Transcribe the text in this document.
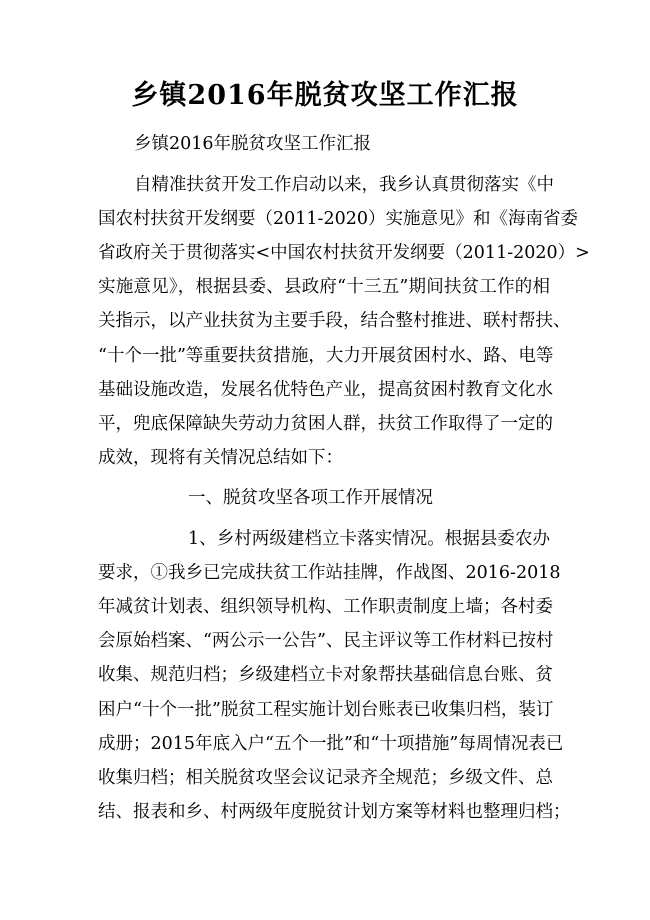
乡镇2016年脱贫攻坚工作汇报
乡镇2016年脱贫攻坚工作汇报
自精准扶贫开发工作启动以来，我乡认真贯彻落实《中
国农村扶贫开发纲要（2011-2020）实施意见》和《海南省委
省政府关于贯彻落实<中国农村扶贫开发纲要（2011-2020）>
实施意见》，根据县委、县政府“十三五”期间扶贫工作的相
关指示，以产业扶贫为主要手段，结合整村推进、联村帮扶、
“十个一批”等重要扶贫措施，大力开展贫困村水、路、电等
基础设施改造，发展名优特色产业，提高贫困村教育文化水
平，兜底保障缺失劳动力贫困人群，扶贫工作取得了一定的
成效，现将有关情况总结如下：
一、脱贫攻坚各项工作开展情况
1、乡村两级建档立卡落实情况。根据县委农办
要求，①我乡已完成扶贫工作站挂牌，作战图、2016-2018
年减贫计划表、组织领导机构、工作职责制度上墙；各村委
会原始档案、“两公示一公告”、民主评议等工作材料已按村
收集、规范归档；乡级建档立卡对象帮扶基础信息台账、贫
困户“十个一批”脱贫工程实施计划台账表已收集归档，装订
成册；2015年底入户“五个一批”和“十项措施”每周情况表已
收集归档；相关脱贫攻坚会议记录齐全规范；乡级文件、总
结、报表和乡、村两级年度脱贫计划方案等材料也整理归档；
